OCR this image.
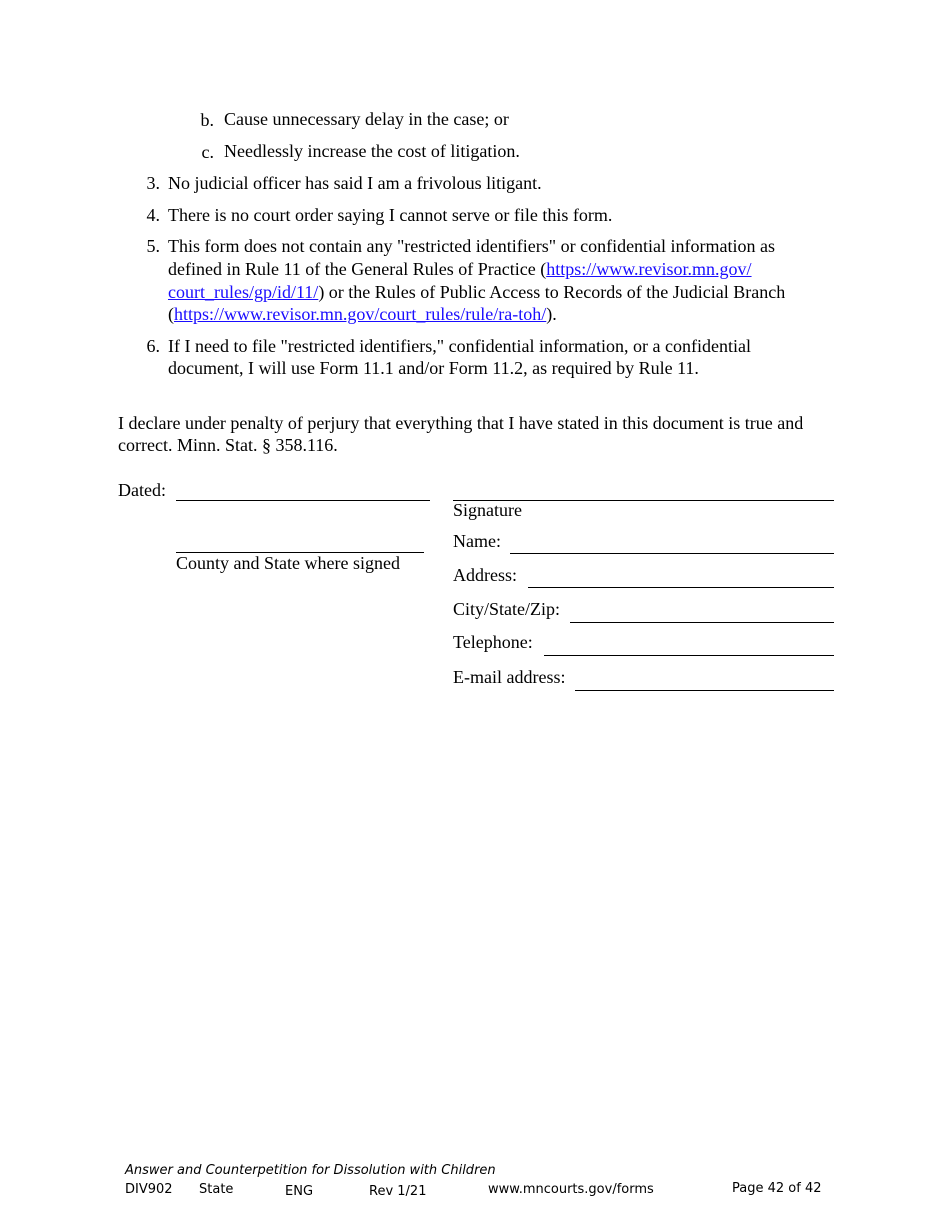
b. Cause unnecessary delay in the case; or
c. Needlessly increase the cost of litigation.
3. No judicial officer has said I am a frivolous litigant.
4. There is no court order saying I cannot serve or file this form.
5. This form does not contain any "restricted identifiers" or confidential information as
defined in Rule 11 of the General Rules of Practice (https://www.revisor.mn.gov/
court_rules/gp/id/11/) or the Rules of Public Access to Records of the Judicial Branch
(https://www.revisor.mn.gov/court_rules/rule/ra-toh/).
6. If I need to file "restricted identifiers," confidential information, or a confidential
document, I will use Form 11.1 and/or Form 11.2, as required by Rule 11.
I declare under penalty of perjury that everything that I have stated in this document is true and
correct. Minn. Stat. § 358.116.
Dated:
County and State where signed
Signature
Name:
Address:
City/State/Zip:
Telephone:
E-mail address:
Answer and Counterpetition for Dissolution with Children
DIV902 State	ENG	Rev 1/21	www.mncourts.gov/forms	Page 42 of 42
